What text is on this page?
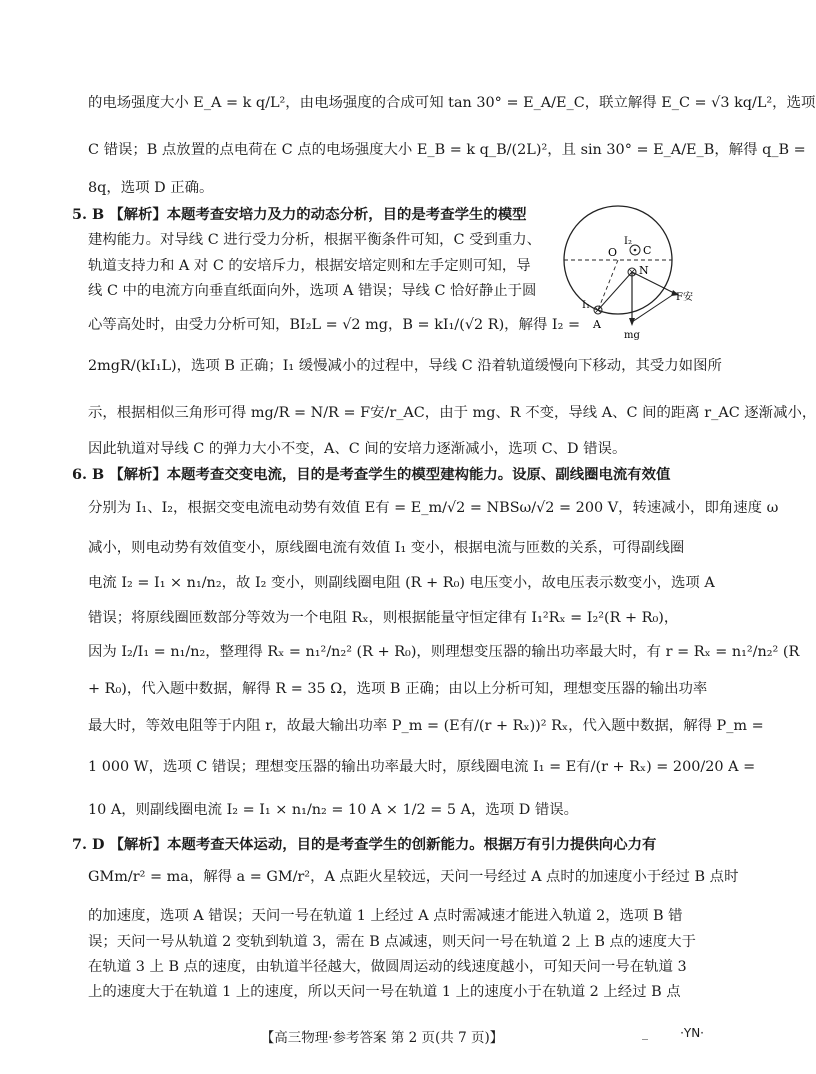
的电场强度大小 E_A = k q/L²，由电场强度的合成可知 tan 30° = E_A/E_C，联立解得 E_C = √3 kq/L²，选项
C 错误；B 点放置的点电荷在 C 点的电场强度大小 E_B = k q_B/(2L)²，且 sin 30° = E_A/E_B，解得 q_B =
8q，选项 D 正确。
5. B 【解析】本题考查安培力及力的动态分析，目的是考查学生的模型
建构能力。对导线 C 进行受力分析，根据平衡条件可知，C 受到重力、
轨道支持力和 A 对 C 的安培斥力，根据安培定则和左手定则可知，导
线 C 中的电流方向垂直纸面向外，选项 A 错误；导线 C 恰好静止于圆
心等高处时，由受力分析可知，BI₂L = √2 mg，B = kI₁/(√2 R)，解得 I₂ =
2mgR/(kI₁L)，选项 B 正确；I₁ 缓慢减小的过程中，导线 C 沿着轨道缓慢向下移动，其受力如图所
示，根据相似三角形可得 mg/R = N/R = F安/r_AC，由于 mg、R 不变，导线 A、C 间的距离 r_AC 逐渐减小，
因此轨道对导线 C 的弹力大小不变，A、C 间的安培力逐渐减小，选项 C、D 错误。
6. B 【解析】本题考查交变电流，目的是考查学生的模型建构能力。设原、副线圈电流有效值
分别为 I₁、I₂，根据交变电流电动势有效值 E有 = E_m/√2 = NBSω/√2 = 200 V，转速减小，即角速度 ω
减小，则电动势有效值变小，原线圈电流有效值 I₁ 变小，根据电流与匝数的关系，可得副线圈
电流 I₂ = I₁ × n₁/n₂，故 I₂ 变小，则副线圈电阻 (R + R₀) 电压变小，故电压表示数变小，选项 A
错误；将原线圈匝数部分等效为一个电阻 Rₓ，则根据能量守恒定律有 I₁²Rₓ = I₂²(R + R₀)，
因为 I₂/I₁ = n₁/n₂，整理得 Rₓ = n₁²/n₂² (R + R₀)，则理想变压器的输出功率最大时，有 r = Rₓ = n₁²/n₂² (R
+ R₀)，代入题中数据，解得 R = 35 Ω，选项 B 正确；由以上分析可知，理想变压器的输出功率
最大时，等效电阻等于内阻 r，故最大输出功率 P_m = (E有/(r + Rₓ))² Rₓ，代入题中数据，解得 P_m =
1 000 W，选项 C 错误；理想变压器的输出功率最大时，原线圈电流 I₁ = E有/(r + Rₓ) = 200/20 A =
10 A，则副线圈电流 I₂ = I₁ × n₁/n₂ = 10 A × 1/2 = 5 A，选项 D 错误。
7. D 【解析】本题考查天体运动，目的是考查学生的创新能力。根据万有引力提供向心力有
GMm/r² = ma，解得 a = GM/r²，A 点距火星较远，天问一号经过 A 点时的加速度小于经过 B 点时
的加速度，选项 A 错误；天问一号在轨道 1 上经过 A 点时需减速才能进入轨道 2，选项 B 错
误；天问一号从轨道 2 变轨到轨道 3，需在 B 点减速，则天问一号在轨道 2 上 B 点的速度大于
在轨道 3 上 B 点的速度，由轨道半径越大，做圆周运动的线速度越小，可知天问一号在轨道 3
上的速度大于在轨道 1 上的速度，所以天问一号在轨道 1 上的速度小于在轨道 2 上经过 B 点
O
I₂
C
N
I₁
A
F安
mg
【高三物理·参考答案 第 2 页(共 7 页)】	_	·YN·
